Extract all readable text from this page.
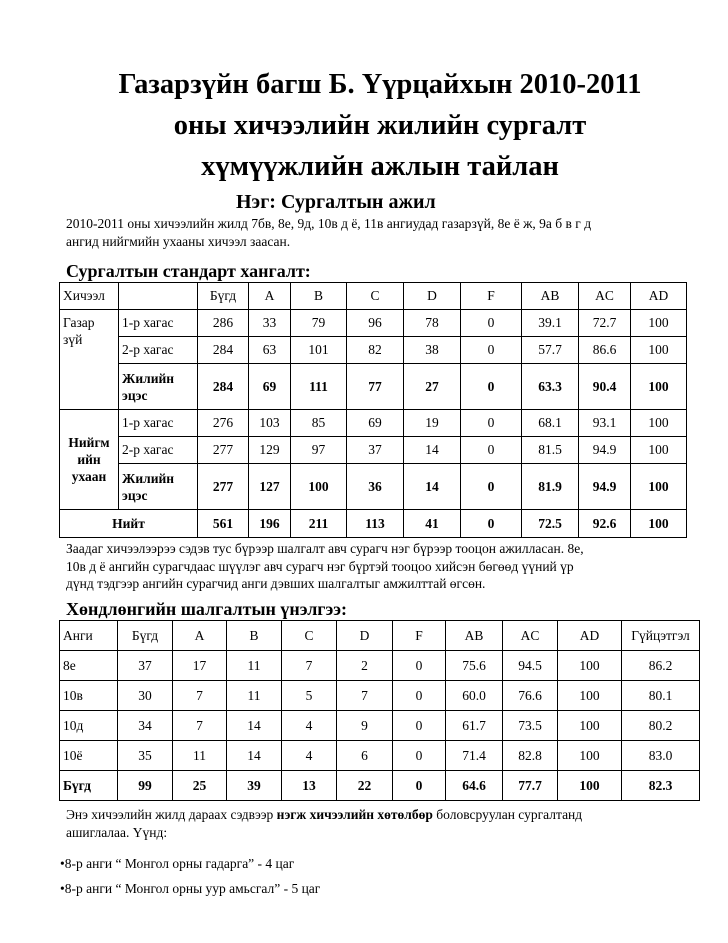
Газарзүйн багш Б. Үүрцайхын 2010-2011
оны хичээлийн жилийн сургалт
хүмүүжлийн ажлын тайлан
Нэг: Сургалтын ажил
2010-2011 оны хичээлийн жилд 7бв, 8е, 9д, 10в д ё, 11в ангиудад газарзүй, 8е ё ж, 9а б в г д
ангид нийгмийн ухааны хичээл заасан.
Сургалтын стандарт хангалт:
Хичээл		Бүгд	A	B	C	D	F	AB	AC	AD
Газар зүй	1-р хагас	286	33	79	96	78	0	39.1	72.7	100
	2-р хагас	284	63	101	82	38	0	57.7	86.6	100
	Жилийн эцэс	284	69	111	77	27	0	63.3	90.4	100
Нийгм ийн ухаан	1-р хагас	276	103	85	69	19	0	68.1	93.1	100
	2-р хагас	277	129	97	37	14	0	81.5	94.9	100
	Жилийн эцэс	277	127	100	36	14	0	81.9	94.9	100
Нийт		561	196	211	113	41	0	72.5	92.6	100
Заадаг хичээлээрээ сэдэв тус бүрээр шалгалт авч сурагч нэг бүрээр тооцон ажилласан. 8е,
10в д ё ангийн сурагчдаас шүүлэг авч сурагч нэг бүртэй тооцоо хийсэн бөгөөд үүний үр
дүнд тэдгээр ангийн сурагчид анги дэвших шалгалтыг амжилттай өгсөн.
Хөндлөнгийн шалгалтын үнэлгээ:
Анги	Бүгд	A	B	C	D	F	AB	AC	AD	Гүйцэтгэл
8е	37	17	11	7	2	0	75.6	94.5	100	86.2
10в	30	7	11	5	7	0	60.0	76.6	100	80.1
10д	34	7	14	4	9	0	61.7	73.5	100	80.2
10ё	35	11	14	4	6	0	71.4	82.8	100	83.0
Бүгд	99	25	39	13	22	0	64.6	77.7	100	82.3
Энэ хичээлийн жилд дараах сэдвээр нэгж хичээлийн хөтөлбөр боловсруулан сургалтанд
ашиглалаа. Үүнд:
•8-р анги “ Монгол орны гадарга” - 4 цаг
•8-р анги “ Монгол орны уур амьсгал” - 5 цаг
